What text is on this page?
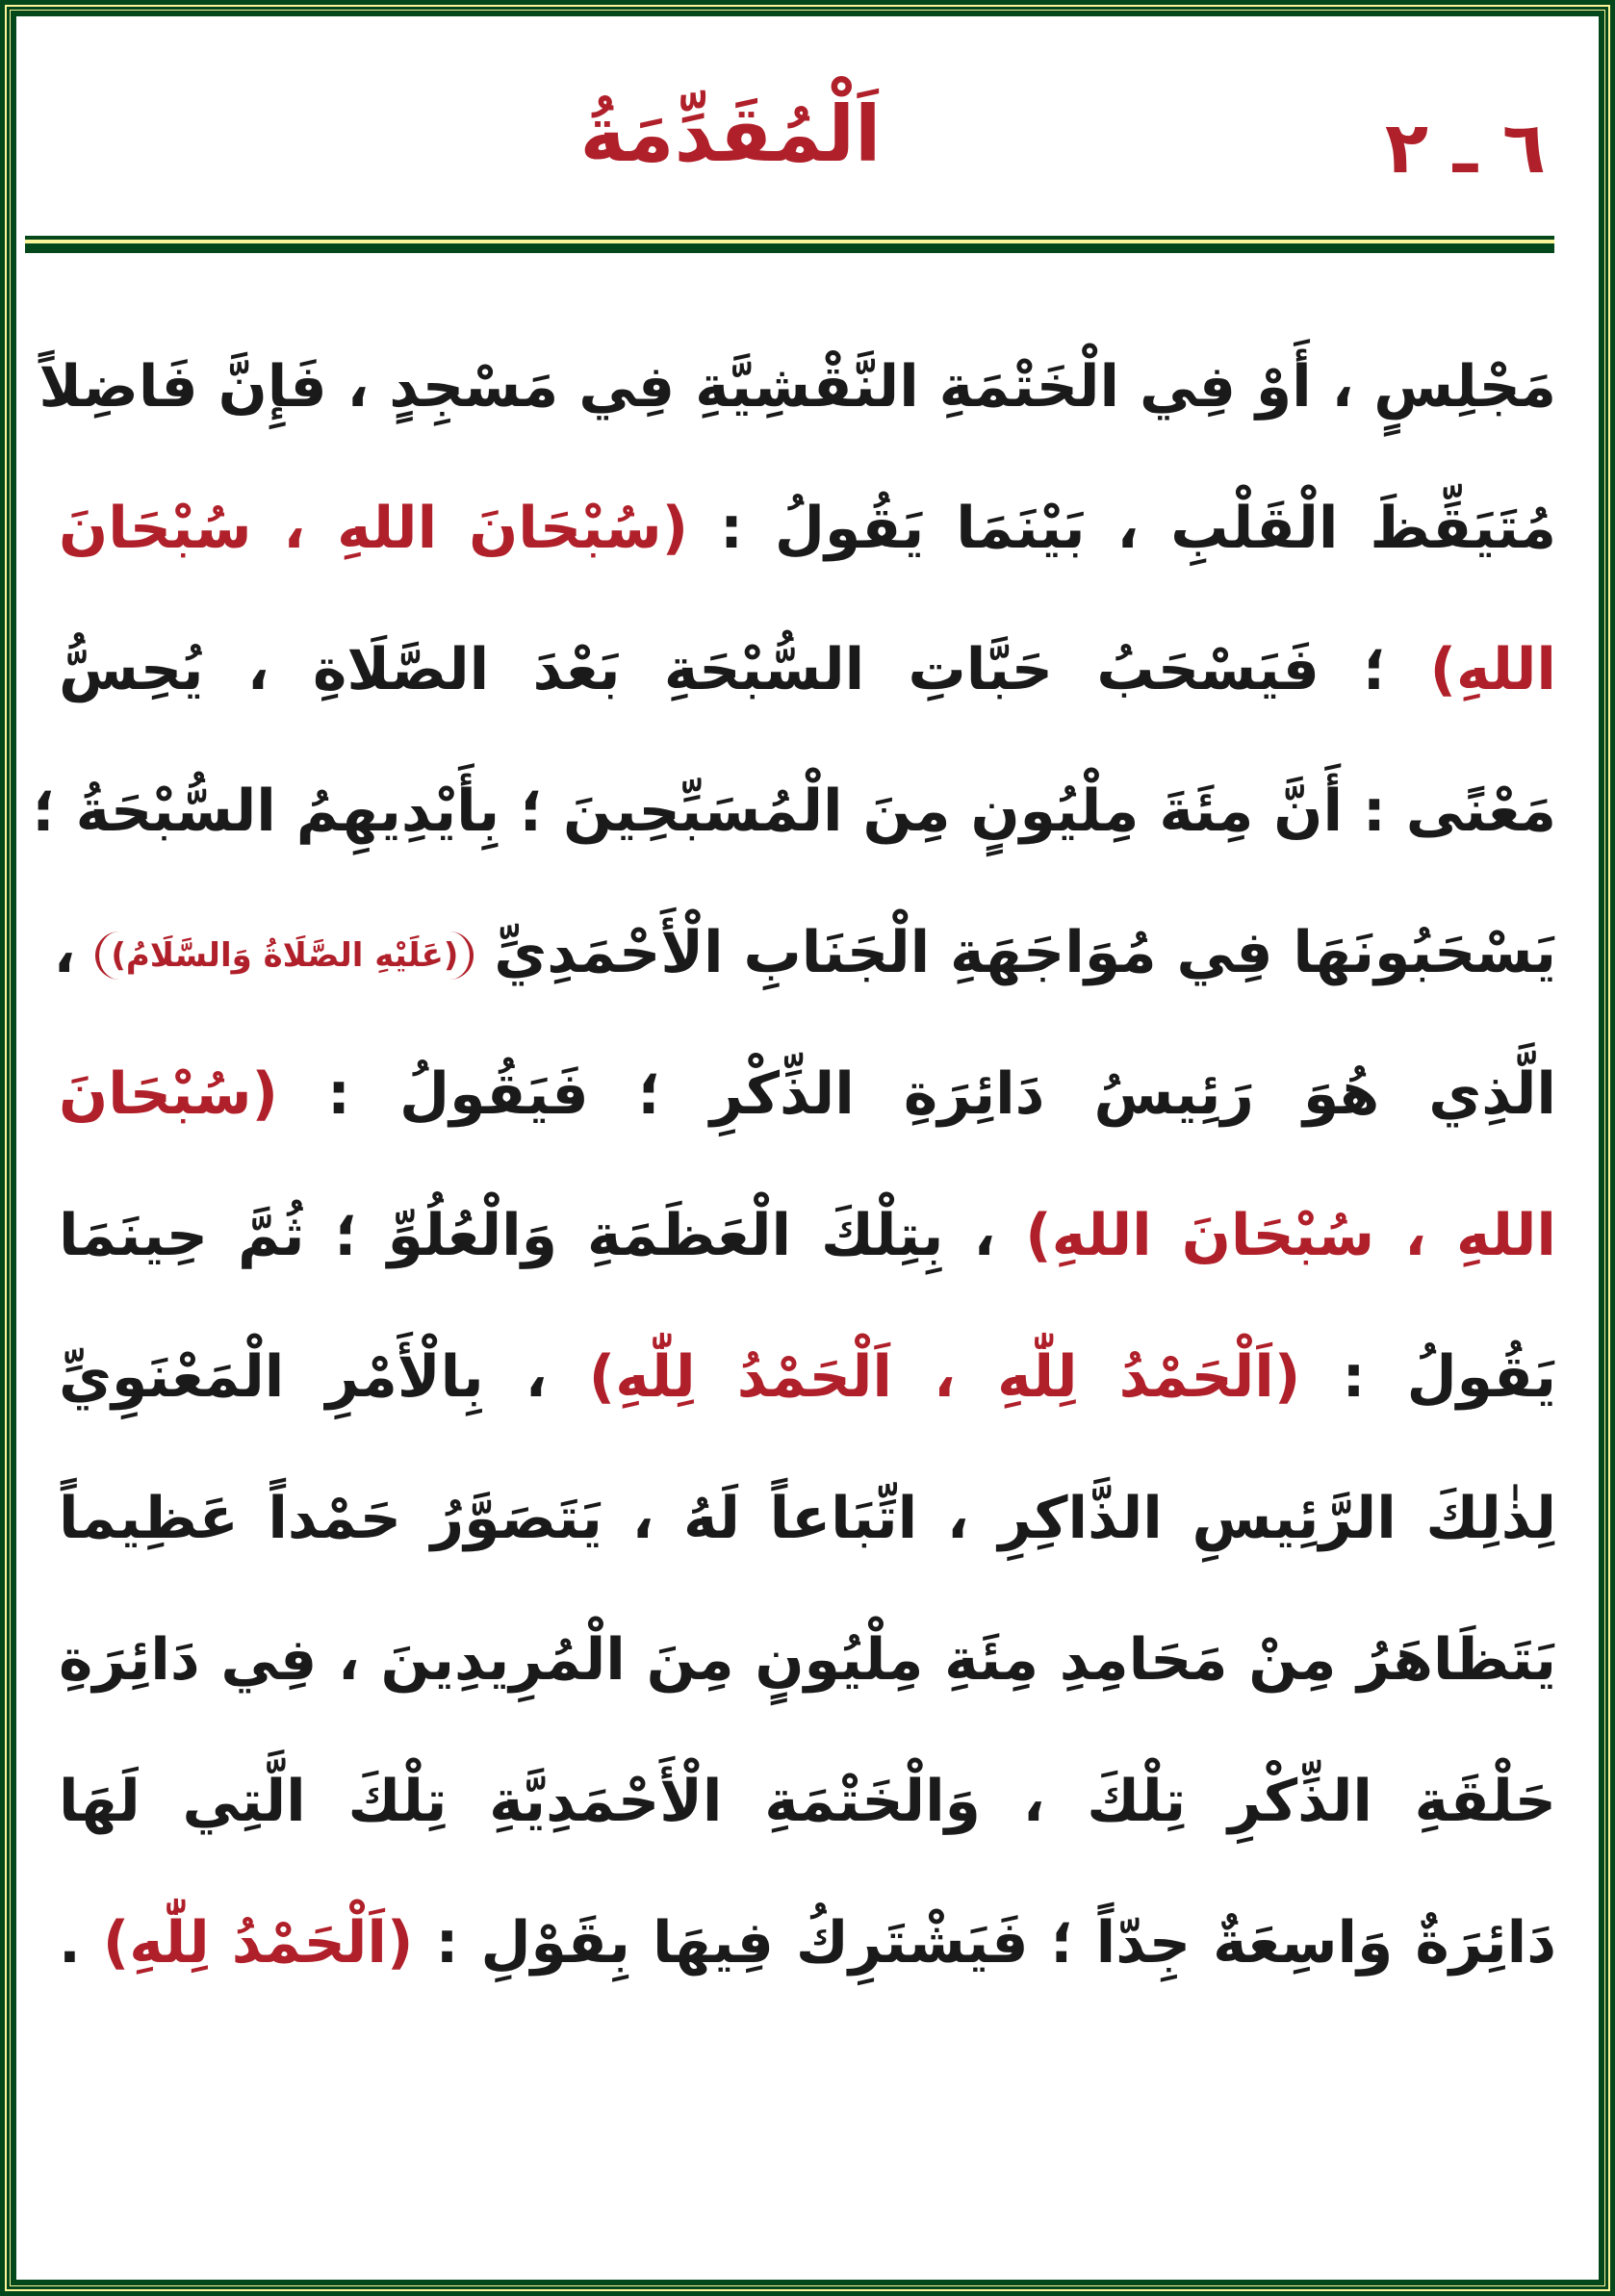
٦ ـ ٢
اَلْمُقَدِّمَةُ
مَجْلِسٍ ، أَوْ فِي الْخَتْمَةِ النَّقْشِيَّةِ فِي مَسْجِدٍ ، فَإِنَّ فَاضِلاً
مُتَيَقِّظَ الْقَلْبِ ، بَيْنَمَا يَقُولُ : (سُبْحَانَ اللهِ ، سُبْحَانَ
اللهِ) ؛ فَيَسْحَبُ حَبَّاتِ السُّبْحَةِ بَعْدَ الصَّلَاةِ ، يُحِسُّ
مَعْنًى : أَنَّ مِئَةَ مِلْيُونٍ مِنَ الْمُسَبِّحِينَ ؛ بِأَيْدِيهِمُ السُّبْحَةُ ؛
يَسْحَبُونَهَا فِي مُوَاجَهَةِ الْجَنَابِ الْأَحْمَدِيِّ (عَلَيْهِ الصَّلَاةُ وَالسَّلَامُ) ،
الَّذِي هُوَ رَئِيسُ دَائِرَةِ الذِّكْرِ ؛ فَيَقُولُ : (سُبْحَانَ
اللهِ ، سُبْحَانَ اللهِ) ، بِتِلْكَ الْعَظَمَةِ وَالْعُلُوِّ ؛ ثُمَّ حِينَمَا
يَقُولُ : (اَلْحَمْدُ لِلّٰهِ ، اَلْحَمْدُ لِلّٰهِ) ، بِالْأَمْرِ الْمَعْنَوِيِّ
لِذٰلِكَ الرَّئِيسِ الذَّاكِرِ ، اتِّبَاعاً لَهُ ، يَتَصَوَّرُ حَمْداً عَظِيماً
يَتَظَاهَرُ مِنْ مَحَامِدِ مِئَةِ مِلْيُونٍ مِنَ الْمُرِيدِينَ ، فِي دَائِرَةِ
حَلْقَةِ الذِّكْرِ تِلْكَ ، وَالْخَتْمَةِ الْأَحْمَدِيَّةِ تِلْكَ الَّتِي لَهَا
دَائِرَةٌ وَاسِعَةٌ جِدّاً ؛ فَيَشْتَرِكُ فِيهَا بِقَوْلِ : (اَلْحَمْدُ لِلّٰهِ) .
